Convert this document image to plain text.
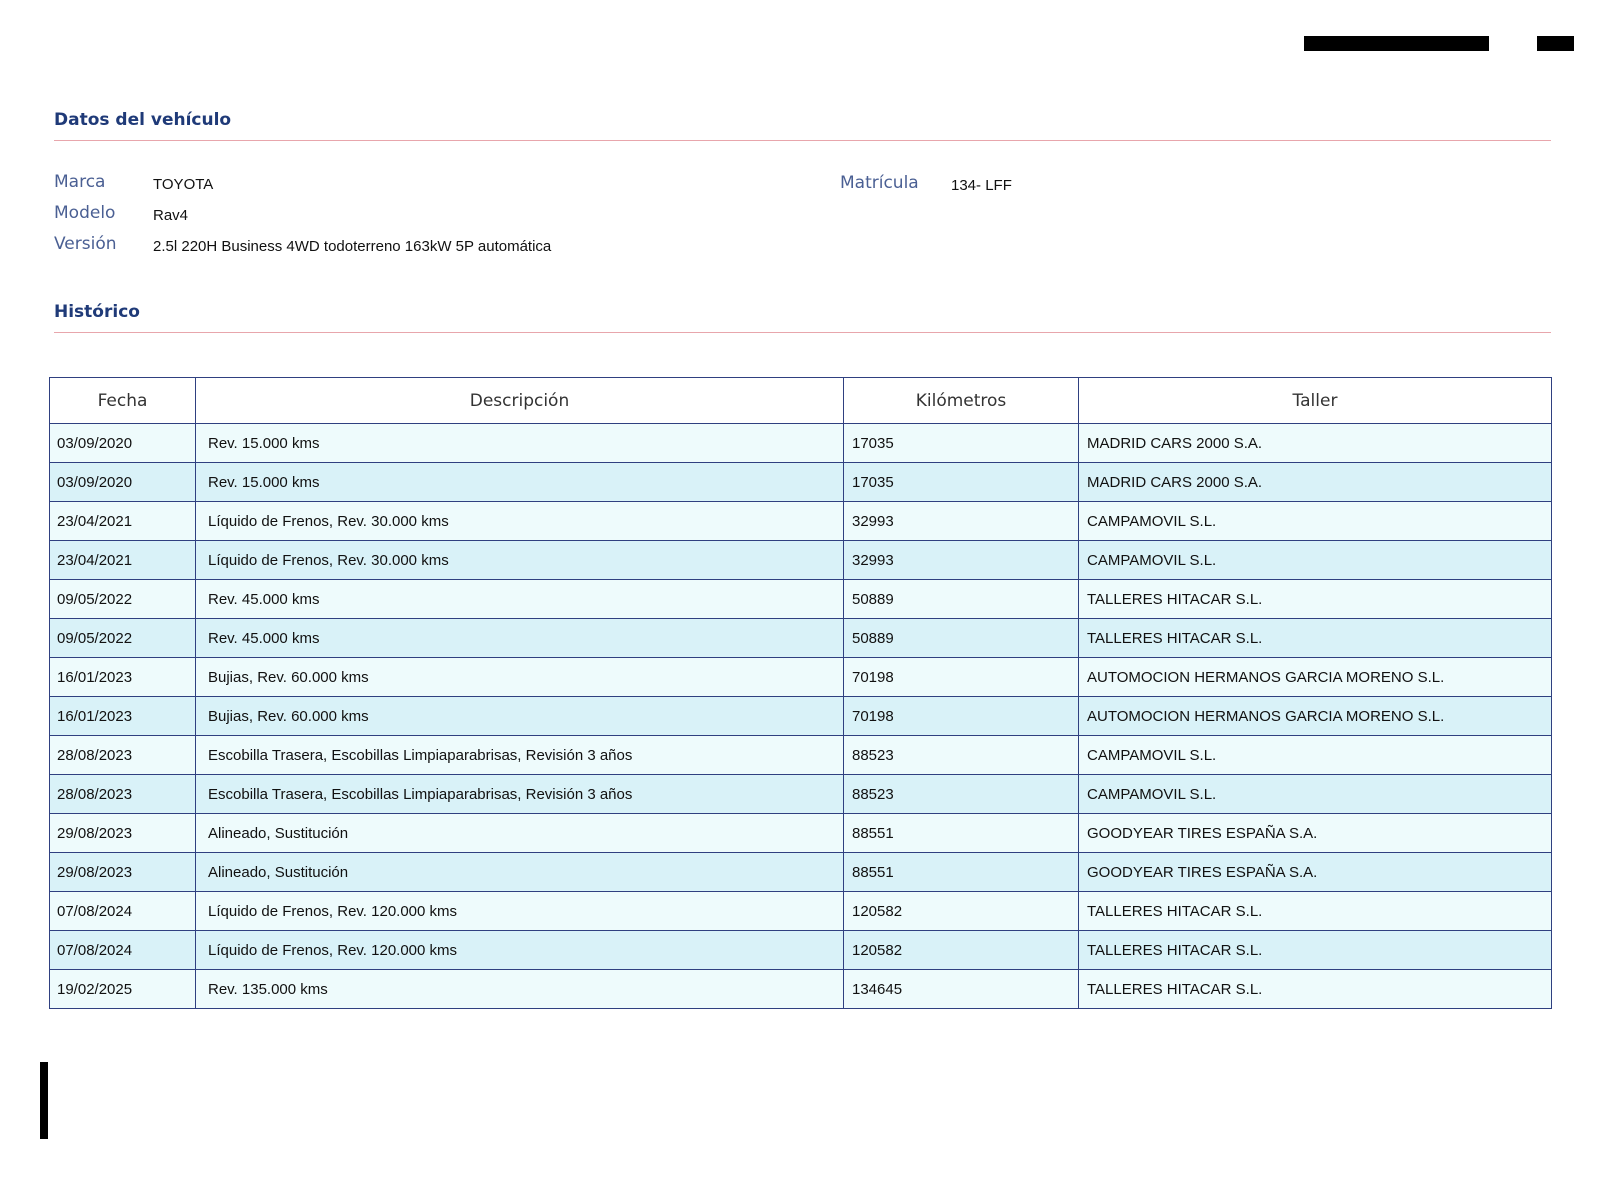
Datos del vehículo
Marca	TOYOTA
Modelo	Rav4
Versión 2.5l 220H Business 4WD todoterreno 163kW 5P automática
Matrícula 134- LFF
Histórico
Fecha	Descripción	Kilómetros	Taller
03/09/2020	Rev. 15.000 kms	17035	MADRID CARS 2000 S.A.
03/09/2020	Rev. 15.000 kms	17035	MADRID CARS 2000 S.A.
23/04/2021	Líquido de Frenos, Rev. 30.000 kms	32993	CAMPAMOVIL S.L.
23/04/2021	Líquido de Frenos, Rev. 30.000 kms	32993	CAMPAMOVIL S.L.
09/05/2022	Rev. 45.000 kms	50889	TALLERES HITACAR S.L.
09/05/2022	Rev. 45.000 kms	50889	TALLERES HITACAR S.L.
16/01/2023	Bujias, Rev. 60.000 kms	70198	AUTOMOCION HERMANOS GARCIA MORENO S.L.
16/01/2023	Bujias, Rev. 60.000 kms	70198	AUTOMOCION HERMANOS GARCIA MORENO S.L.
28/08/2023	Escobilla Trasera, Escobillas Limpiaparabrisas, Revisión 3 años	88523	CAMPAMOVIL S.L.
28/08/2023	Escobilla Trasera, Escobillas Limpiaparabrisas, Revisión 3 años	88523	CAMPAMOVIL S.L.
29/08/2023	Alineado, Sustitución	88551	GOODYEAR TIRES ESPAÑA S.A.
29/08/2023	Alineado, Sustitución	88551	GOODYEAR TIRES ESPAÑA S.A.
07/08/2024	Líquido de Frenos, Rev. 120.000 kms	120582	TALLERES HITACAR S.L.
07/08/2024	Líquido de Frenos, Rev. 120.000 kms	120582	TALLERES HITACAR S.L.
19/02/2025	Rev. 135.000 kms	134645	TALLERES HITACAR S.L.
